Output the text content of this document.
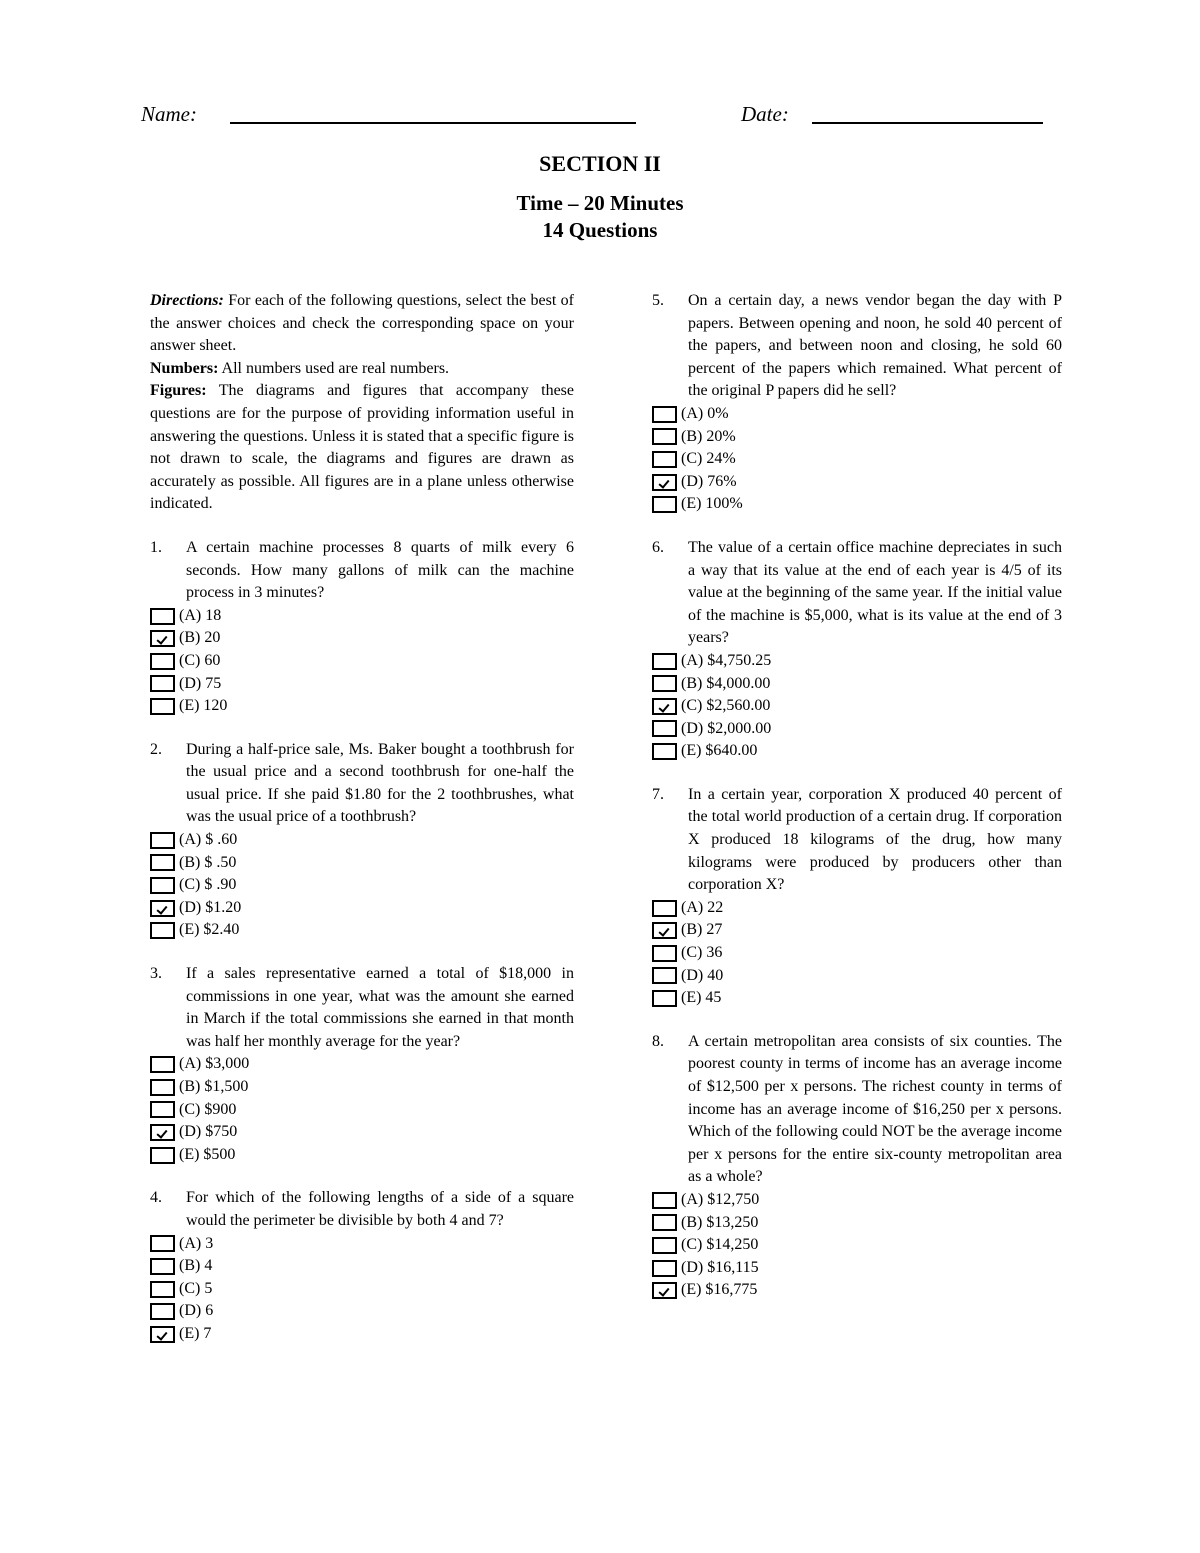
Name:	Date:
SECTION II
Time – 20 Minutes
14 Questions

Directions: For each of the following questions, select the best of the answer choices and check the corresponding space on your answer sheet.

Numbers: All numbers used are real numbers.

Figures: The diagrams and figures that accompany these questions are for the purpose of providing information useful in answering the questions. Unless it is stated that a specific figure is not drawn to scale, the diagrams and figures are drawn as accurately as possible. All figures are in a plane unless otherwise indicated.

1.	A certain machine processes 8 quarts of milk every 6 seconds. How many gallons of milk can the machine process in 3 minutes?
(A) 18
(B) 20
(C) 60
(D) 75
(E) 120
2.	During a half-price sale, Ms. Baker bought a toothbrush for the usual price and a second toothbrush for one-half the usual price. If she paid $1.80 for the 2 toothbrushes, what was the usual price of a toothbrush?
(A) $ .60
(B) $ .50
(C) $ .90
(D) $1.20
(E) $2.40
3.	If a sales representative earned a total of $18,000 in commissions in one year, what was the amount she earned in March if the total commissions she earned in that month was half her monthly average for the year?
(A) $3,000
(B) $1,500
(C) $900
(D) $750
(E) $500
4.	For which of the following lengths of a side of a square would the perimeter be divisible by both 4 and 7?
(A) 3
(B) 4
(C) 5
(D) 6
(E) 7
5.	On a certain day, a news vendor began the day with P papers. Between opening and noon, he sold 40 percent of the papers, and between noon and closing, he sold 60 percent of the papers which remained. What percent of the original P papers did he sell?
(A) 0%
(B) 20%
(C) 24%
(D) 76%
(E) 100%
6.	The value of a certain office machine depreciates in such a way that its value at the end of each year is 4/5 of its value at the beginning of the same year. If the initial value of the machine is $5,000, what is its value at the end of 3 years?
(A) $4,750.25
(B) $4,000.00
(C) $2,560.00
(D) $2,000.00
(E) $640.00
7.	In a certain year, corporation X produced 40 percent of the total world production of a certain drug. If corporation X produced 18 kilograms of the drug, how many kilograms were produced by producers other than corporation X?
(A) 22
(B) 27
(C) 36
(D) 40
(E) 45
8.	A certain metropolitan area consists of six counties. The poorest county in terms of income has an average income of $12,500 per x persons. The richest county in terms of income has an average income of $16,250 per x persons. Which of the following could NOT be the average income per x persons for the entire six-county metropolitan area as a whole?
(A) $12,750
(B) $13,250
(C) $14,250
(D) $16,115
(E) $16,775
